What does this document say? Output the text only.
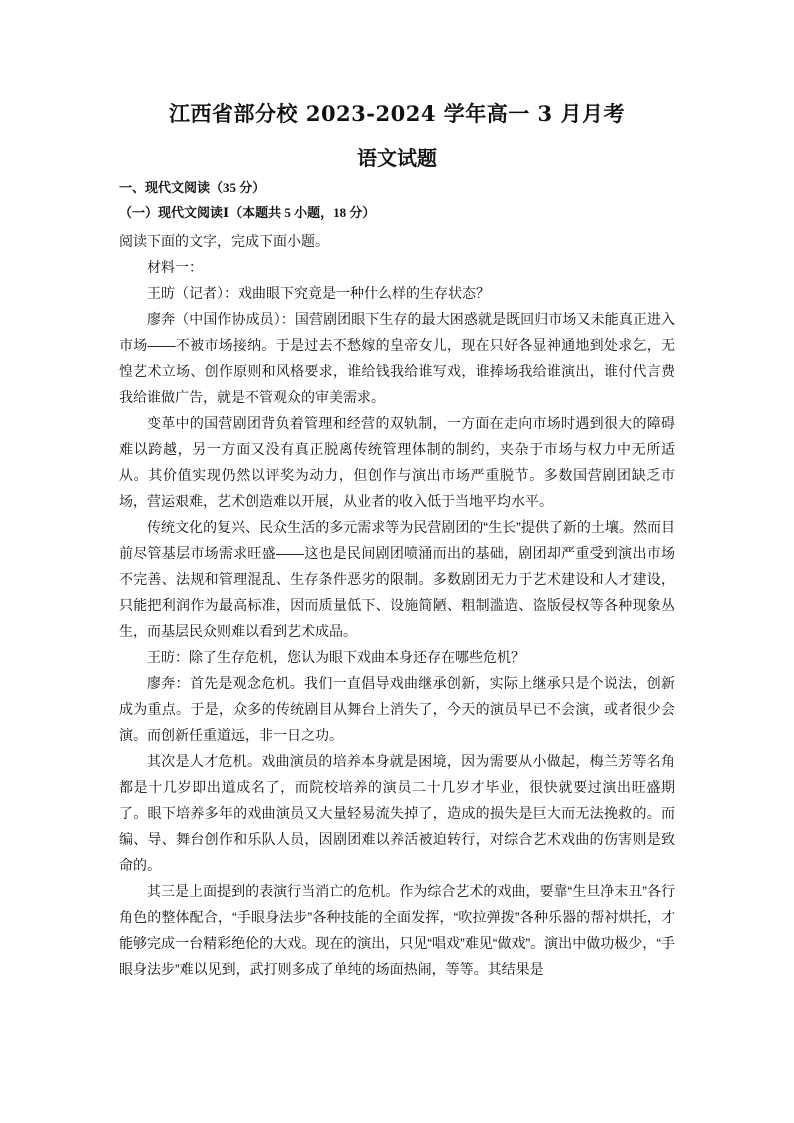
江西省部分校 2023-2024 学年高一 3 月月考
语文试题

一、现代文阅读（35 分）

（一）现代文阅读Ⅰ（本题共 5 小题，18 分）

阅读下面的文字，完成下面小题。

材料一：

王昉（记者）：戏曲眼下究竟是一种什么样的生存状态？

廖奔（中国作协成员）：国营剧团眼下生存的最大困惑就是既回归市场又未能真正进入市场——不被市场接纳。于是过去不愁嫁的皇帝女儿，现在只好各显神通地到处求乞，无惶艺术立场、创作原则和风格要求，谁给钱我给谁写戏，谁捧场我给谁演出，谁付代言费我给谁做广告，就是不管观众的审美需求。

变革中的国营剧团背负着管理和经营的双轨制，一方面在走向市场时遇到很大的障碍难以跨越，另一方面又没有真正脱离传统管理体制的制约，夹杂于市场与权力中无所适从。其价值实现仍然以评奖为动力，但创作与演出市场严重脱节。多数国营剧团缺乏市场，营运艰难，艺术创造难以开展，从业者的收入低于当地平均水平。

传统文化的复兴、民众生活的多元需求等为民营剧团的“生长”提供了新的土壤。然而目前尽管基层市场需求旺盛——这也是民间剧团喷涌而出的基础，剧团却严重受到演出市场不完善、法规和管理混乱、生存条件恶劣的限制。多数剧团无力于艺术建设和人才建设，只能把利润作为最高标准，因而质量低下、设施简陋、粗制滥造、盗版侵权等各种现象丛生，而基层民众则难以看到艺术成品。

王昉：除了生存危机，您认为眼下戏曲本身还存在哪些危机？

廖奔：首先是观念危机。我们一直倡导戏曲继承创新，实际上继承只是个说法，创新成为重点。于是，众多的传统剧目从舞台上消失了，今天的演员早已不会演，或者很少会演。而创新任重道远，非一日之功。

其次是人才危机。戏曲演员的培养本身就是困境，因为需要从小做起，梅兰芳等名角都是十几岁即出道成名了，而院校培养的演员二十几岁才毕业，很快就要过演出旺盛期了。眼下培养多年的戏曲演员又大量轻易流失掉了，造成的损失是巨大而无法挽救的。而编、导、舞台创作和乐队人员，因剧团难以养活被迫转行，对综合艺术戏曲的伤害则是致命的。

其三是上面提到的表演行当消亡的危机。作为综合艺术的戏曲，要靠“生旦净末丑”各行角色的整体配合，“手眼身法步”各种技能的全面发挥，“吹拉弹拨”各种乐器的帮衬烘托，才能够完成一台精彩绝伦的大戏。现在的演出，只见“唱戏”难见“做戏”。演出中做功极少，“手眼身法步”难以见到，武打则多成了单纯的场面热闹，等等。其结果是
